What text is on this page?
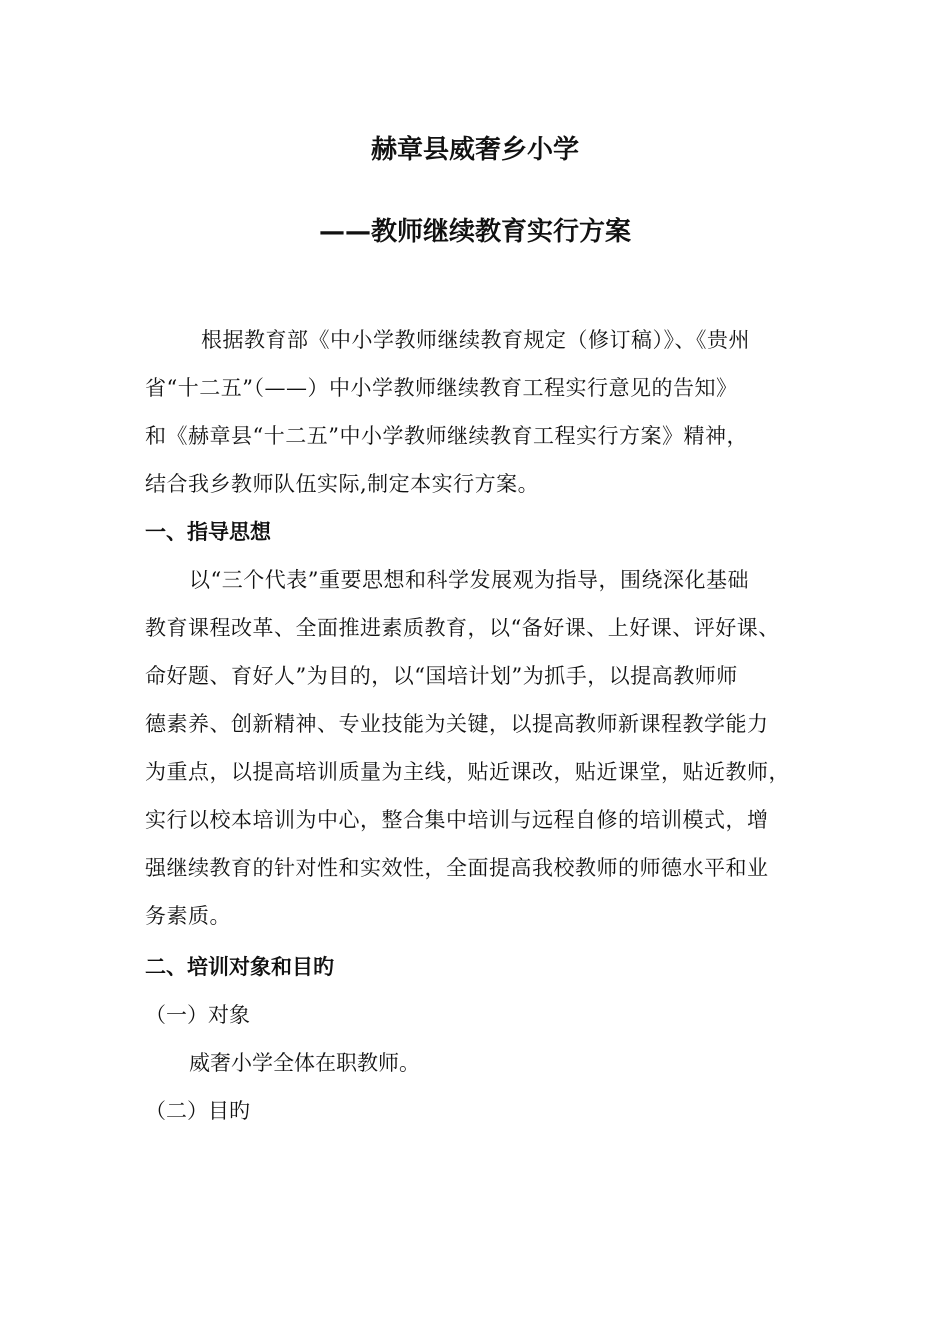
赫章县威奢乡小学
——教师继续教育实行方案
根据教育部《中小学教师继续教育规定（修订稿）》、《贵州
省“十二五”（——）中小学教师继续教育工程实行意见的告知》
和《赫章县“十二五”中小学教师继续教育工程实行方案》精神，
结合我乡教师队伍实际,制定本实行方案。
一、指导思想
以“三个代表”重要思想和科学发展观为指导，围绕深化基础
教育课程改革、全面推进素质教育，以“备好课、上好课、评好课、
命好题、育好人”为目的，以“国培计划”为抓手，以提高教师师
德素养、创新精神、专业技能为关键，以提高教师新课程教学能力
为重点，以提高培训质量为主线，贴近课改，贴近课堂，贴近教师，
实行以校本培训为中心，整合集中培训与远程自修的培训模式，增
强继续教育的针对性和实效性，全面提高我校教师的师德水平和业
务素质。
二、培训对象和目旳
（一）对象
威奢小学全体在职教师。
（二）目旳
